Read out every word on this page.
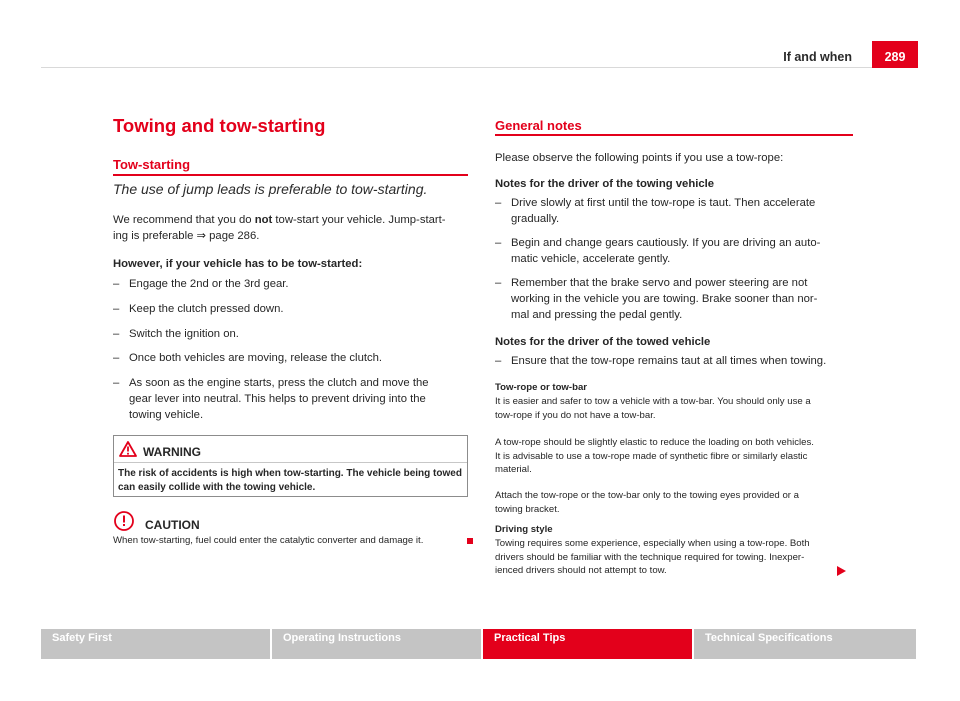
If and when	289
Towing and tow-starting
Tow-starting
The use of jump leads is preferable to tow-starting.
We recommend that you do not tow-start your vehicle. Jump-start-
ing is preferable ⇒ page 286.
However, if your vehicle has to be tow-started:
– Engage the 2nd or the 3rd gear.
– Keep the clutch pressed down.
– Switch the ignition on.
– Once both vehicles are moving, release the clutch.
– As soon as the engine starts, press the clutch and move the
gear lever into neutral. This helps to prevent driving into the
towing vehicle.
WARNING
The risk of accidents is high when tow-starting. The vehicle being towed
can easily collide with the towing vehicle.
CAUTION
When tow-starting, fuel could enter the catalytic converter and damage it.
General notes
Please observe the following points if you use a tow-rope:
Notes for the driver of the towing vehicle
– Drive slowly at first until the tow-rope is taut. Then accelerate
gradually.
– Begin and change gears cautiously. If you are driving an auto-
matic vehicle, accelerate gently.
– Remember that the brake servo and power steering are not
working in the vehicle you are towing. Brake sooner than nor-
mal and pressing the pedal gently.
Notes for the driver of the towed vehicle
– Ensure that the tow-rope remains taut at all times when towing.
Tow-rope or tow-bar
It is easier and safer to tow a vehicle with a tow-bar. You should only use a
tow-rope if you do not have a tow-bar.
A tow-rope should be slightly elastic to reduce the loading on both vehicles.
It is advisable to use a tow-rope made of synthetic fibre or similarly elastic
material.
Attach the tow-rope or the tow-bar only to the towing eyes provided or a
towing bracket.
Driving style
Towing requires some experience, especially when using a tow-rope. Both
drivers should be familiar with the technique required for towing. Inexper-
ienced drivers should not attempt to tow.
Safety First	Operating Instructions	Practical Tips	Technical Specifications
